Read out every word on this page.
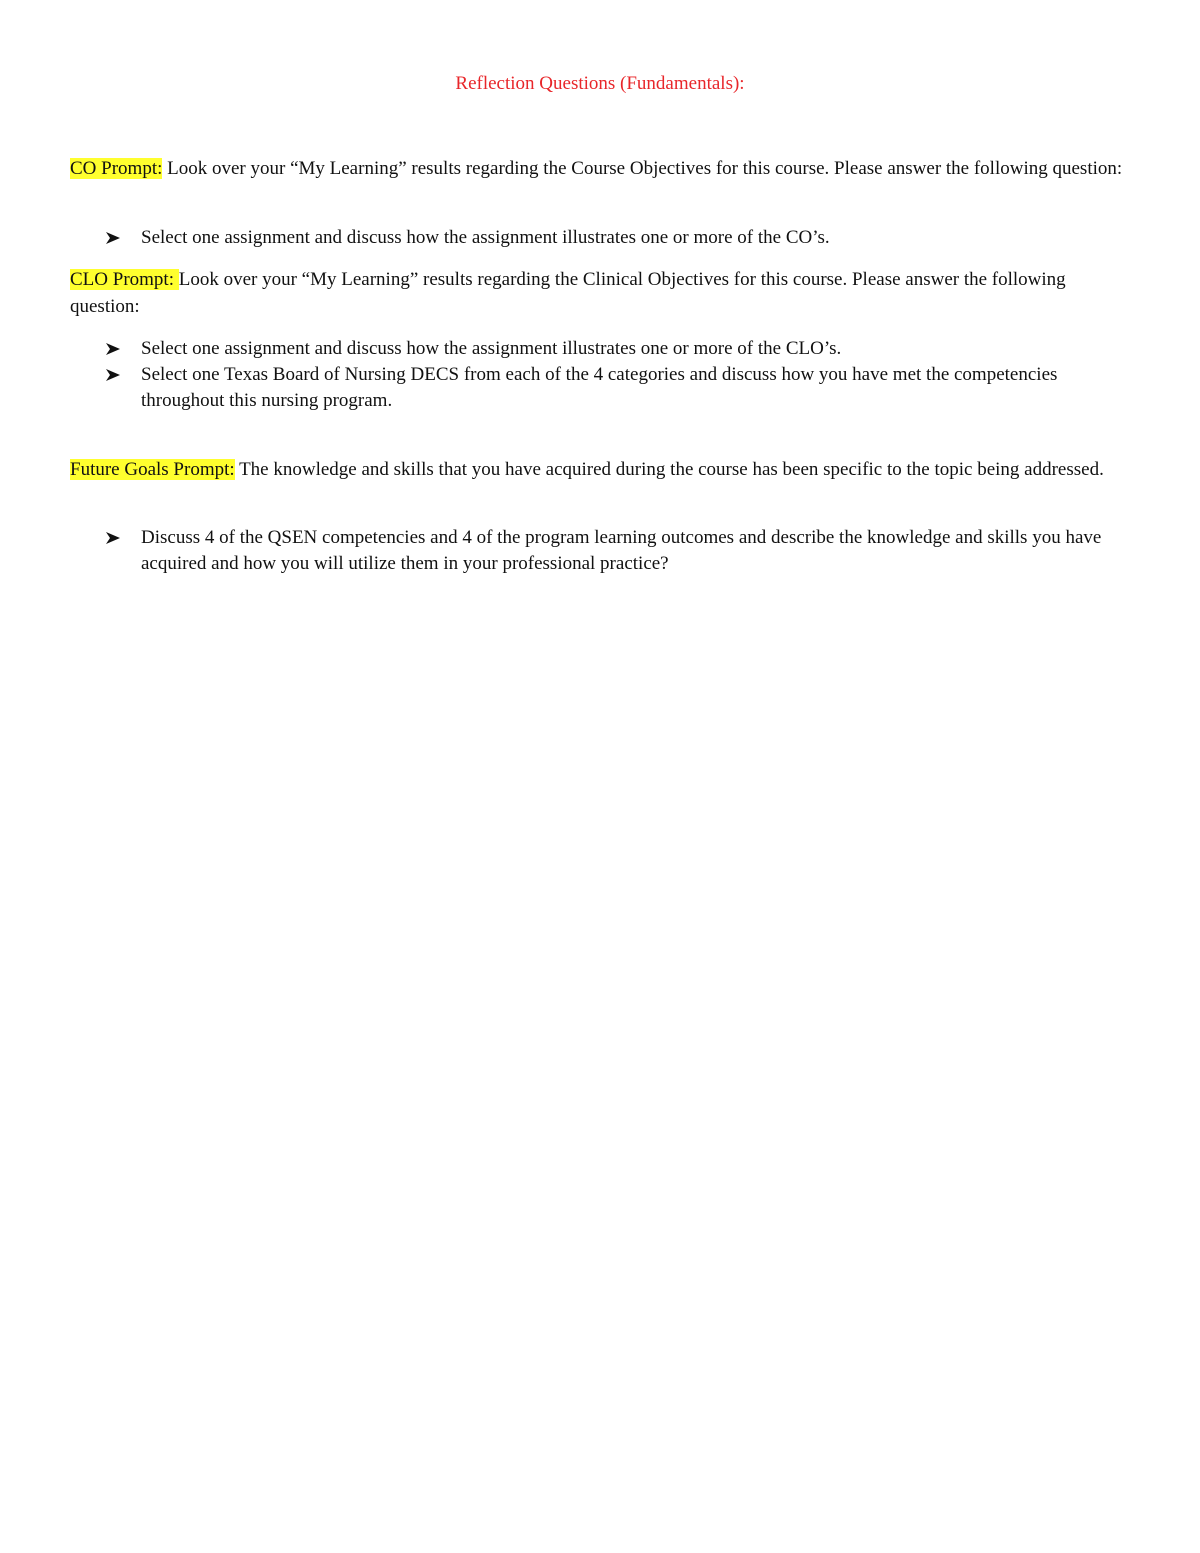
Reflection Questions (Fundamentals):
CO Prompt: Look over your “My Learning” results regarding the Course Objectives for this course. Please answer the following question:
Select one assignment and discuss how the assignment illustrates one or more of the CO’s.
CLO Prompt: Look over your “My Learning” results regarding the Clinical Objectives for this course. Please answer the following question:
Select one assignment and discuss how the assignment illustrates one or more of the CLO’s.
Select one Texas Board of Nursing DECS from each of the 4 categories and discuss how you have met the competencies throughout this nursing program.
Future Goals Prompt: The knowledge and skills that you have acquired during the course has been specific to the topic being addressed.
Discuss 4 of the QSEN competencies and 4 of the program learning outcomes and describe the knowledge and skills you have acquired and how you will utilize them in your professional practice?
